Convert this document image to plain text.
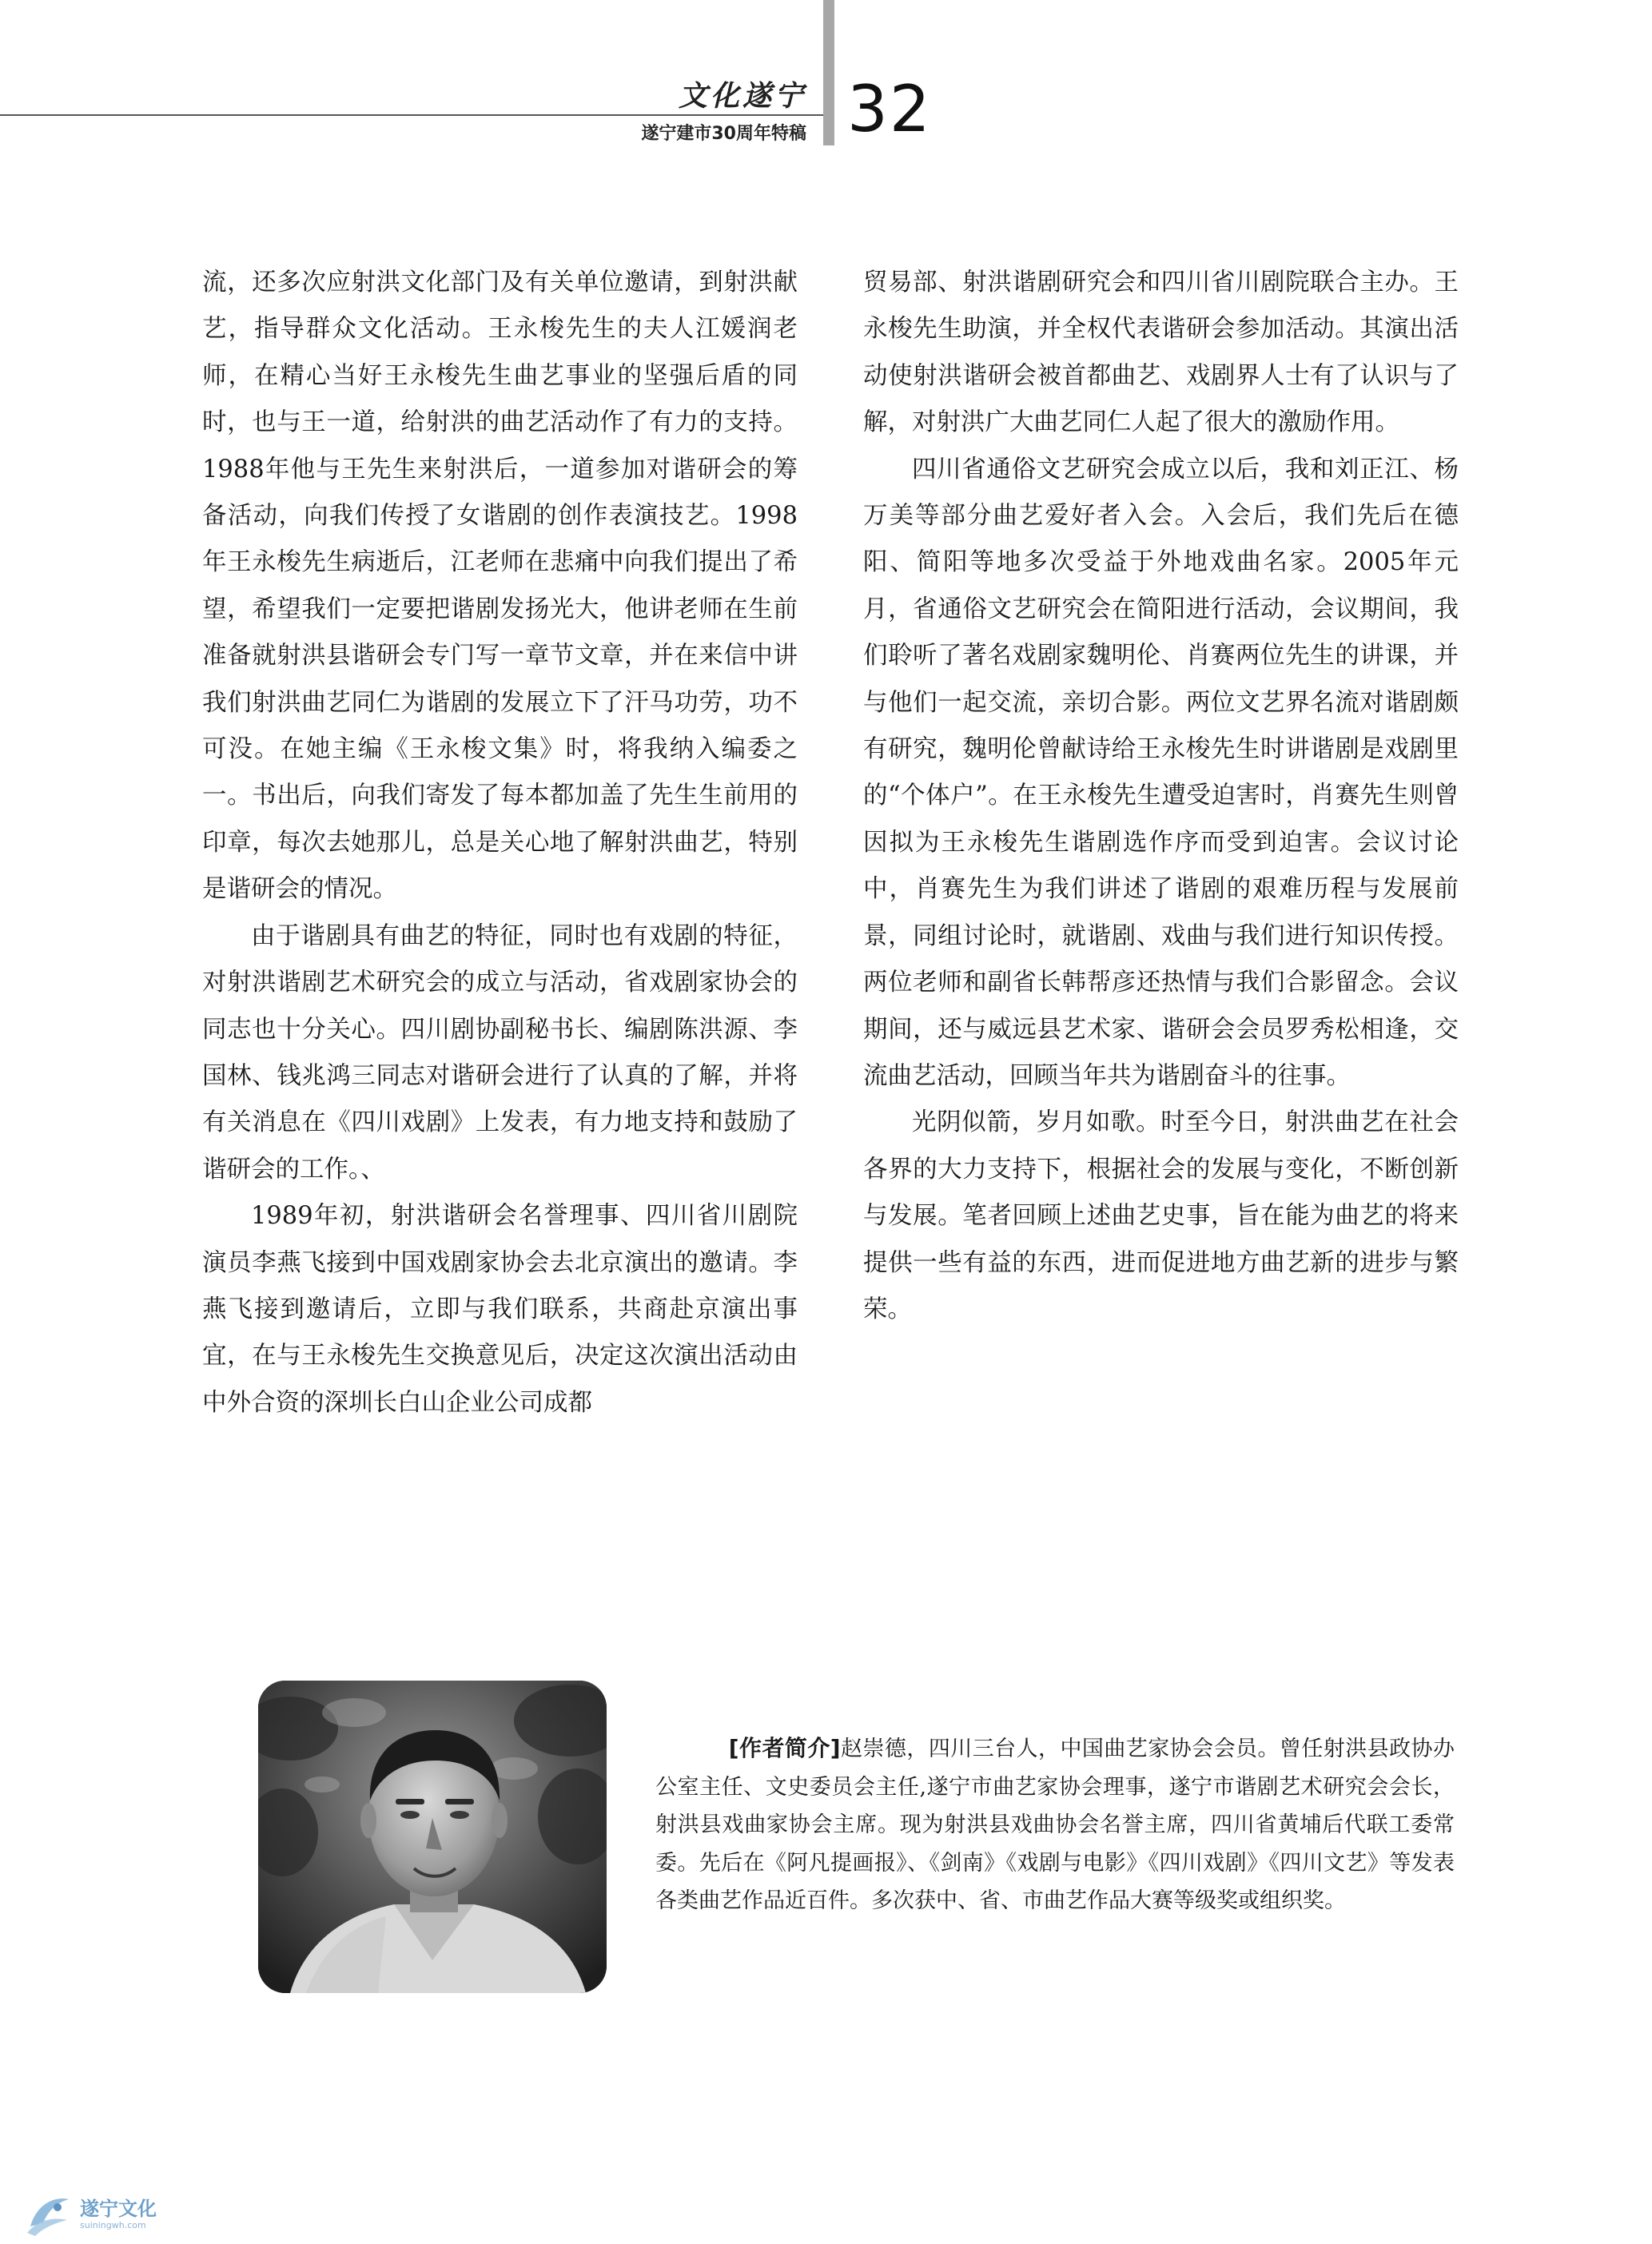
文化遂宁
遂宁建市30周年特稿 32

流，还多次应射洪文化部门及有关单位邀请，到射洪献艺，指导群众文化活动。王永梭先生的夫人江媛润老师，在精心当好王永梭先生曲艺事业的坚强后盾的同时，也与王一道，给射洪的曲艺活动作了有力的支持。1988年他与王先生来射洪后，一道参加对谐研会的筹备活动，向我们传授了女谐剧的创作表演技艺。1998年王永梭先生病逝后，江老师在悲痛中向我们提出了希望，希望我们一定要把谐剧发扬光大，他讲老师在生前准备就射洪县谐研会专门写一章节文章，并在来信中讲我们射洪曲艺同仁为谐剧的发展立下了汗马功劳，功不可没。在她主编《王永梭文集》时，将我纳入编委之一。书出后，向我们寄发了每本都加盖了先生生前用的印章，每次去她那儿，总是关心地了解射洪曲艺，特别是谐研会的情况。

由于谐剧具有曲艺的特征，同时也有戏剧的特征，对射洪谐剧艺术研究会的成立与活动，省戏剧家协会的同志也十分关心。四川剧协副秘书长、编剧陈洪源、李国林、钱兆鸿三同志对谐研会进行了认真的了解，并将有关消息在《四川戏剧》上发表，有力地支持和鼓励了谐研会的工作。、

1989年初，射洪谐研会名誉理事、四川省川剧院演员李燕飞接到中国戏剧家协会去北京演出的邀请。李燕飞接到邀请后，立即与我们联系，共商赴京演出事宜，在与王永梭先生交换意见后，决定这次演出活动由中外合资的深圳长白山企业公司成都

贸易部、射洪谐剧研究会和四川省川剧院联合主办。王永梭先生助演，并全权代表谐研会参加活动。其演出活动使射洪谐研会被首都曲艺、戏剧界人士有了认识与了解，对射洪广大曲艺同仁人起了很大的激励作用。

四川省通俗文艺研究会成立以后，我和刘正江、杨万美等部分曲艺爱好者入会。入会后，我们先后在德阳、简阳等地多次受益于外地戏曲名家。2005年元月，省通俗文艺研究会在简阳进行活动，会议期间，我们聆听了著名戏剧家魏明伦、肖赛两位先生的讲课，并与他们一起交流，亲切合影。两位文艺界名流对谐剧颇有研究，魏明伦曾献诗给王永梭先生时讲谐剧是戏剧里的“个体户”。在王永梭先生遭受迫害时，肖赛先生则曾因拟为王永梭先生谐剧选作序而受到迫害。会议讨论中，肖赛先生为我们讲述了谐剧的艰难历程与发展前景，同组讨论时，就谐剧、戏曲与我们进行知识传授。两位老师和副省长韩帮彦还热情与我们合影留念。会议期间，还与威远县艺术家、谐研会会员罗秀松相逢，交流曲艺活动，回顾当年共为谐剧奋斗的往事。

光阴似箭，岁月如歌。时至今日，射洪曲艺在社会各界的大力支持下，根据社会的发展与变化，不断创新与发展。笔者回顾上述曲艺史事，旨在能为曲艺的将来提供一些有益的东西，进而促进地方曲艺新的进步与繁荣。

[作者简介]赵崇德，四川三台人，中国曲艺家协会会员。曾任射洪县政协办公室主任、文史委员会主任,遂宁市曲艺家协会理事，遂宁市谐剧艺术研究会会长，射洪县戏曲家协会主席。现为射洪县戏曲协会名誉主席，四川省黄埔后代联工委常委。先后在《阿凡提画报》、《剑南》《戏剧与电影》《四川戏剧》《四川文艺》等发表各类曲艺作品近百件。多次获中、省、市曲艺作品大赛等级奖或组织奖。

遂宁文化
suiningwh.com
